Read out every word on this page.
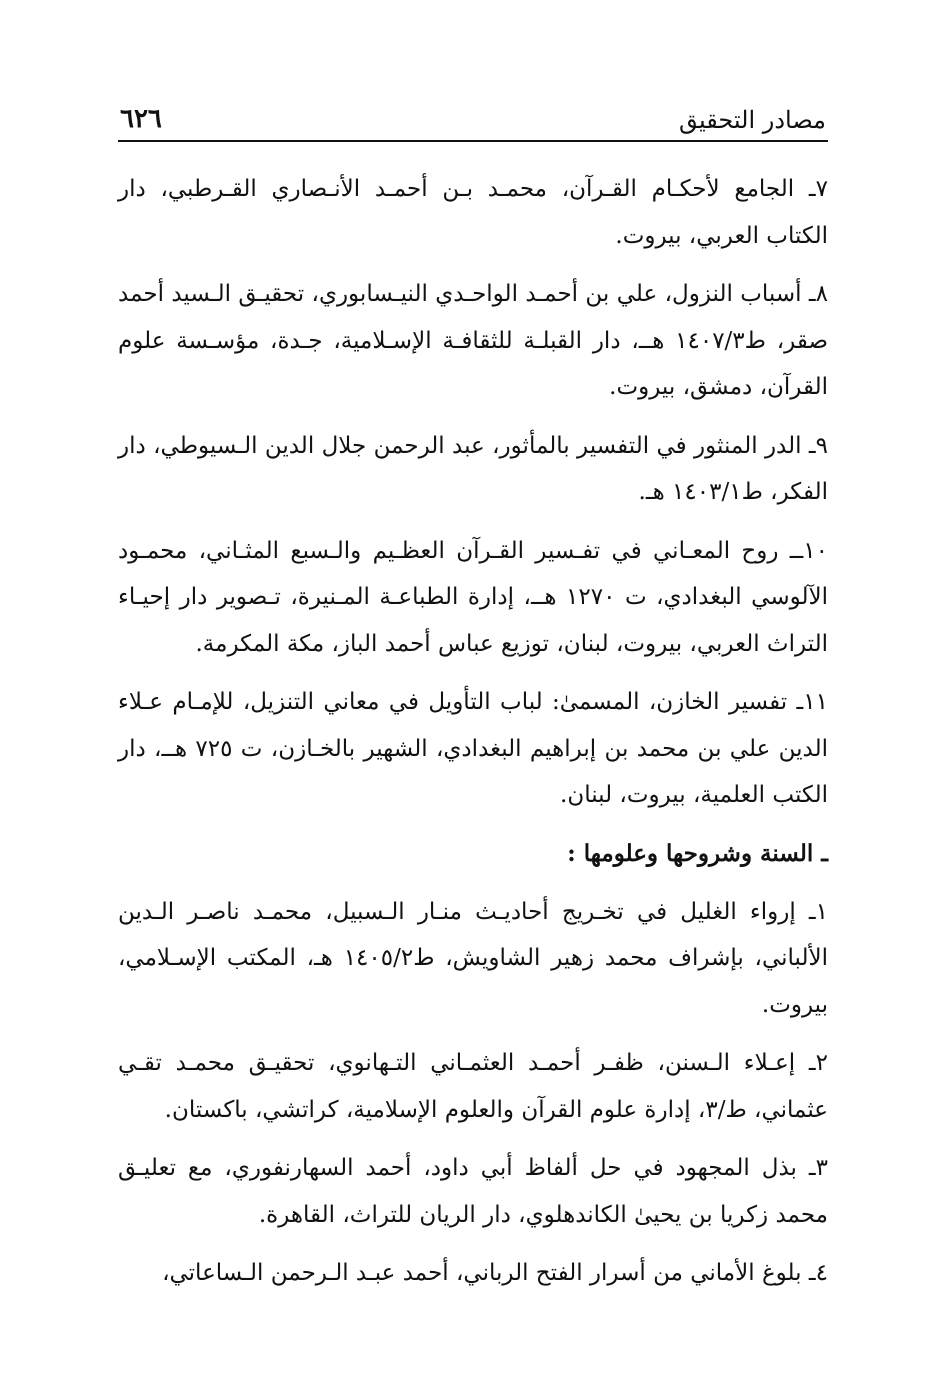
مصادر التحقيق
٦٢٦

٧ـ الجامع لأحكـام القـرآن، محمـد بـن أحمـد الأنـصاري القـرطبي، دار الكتاب العربي، بيروت.

٨ـ أسباب النزول، علي بن أحمـد الواحـدي النيـسابوري، تحقيـق الـسيد أحمد صقر، ط١٤٠٧/٣ هــ، دار القبلـة للثقافـة الإسـلامية، جـدة، مؤسـسة علوم القرآن، دمشق، بيروت.

٩ـ الدر المنثور في التفسير بالمأثور، عبد الرحمن جلال الدين الـسيوطي، دار الفكر، ط١٤٠٣/١ هـ.

١٠ــ روح المعـاني في تفـسير القـرآن العظـيم والـسبع المثـاني، محمـود الآلوسي البغدادي، ت ١٢٧٠ هــ، إدارة الطباعـة المـنيرة، تـصوير دار إحيـاء التراث العربي، بيروت، لبنان، توزيع عباس أحمد الباز، مكة المكرمة.

١١ـ تفسير الخازن، المسمىٰ: لباب التأويل في معاني التنزيل، للإمـام عـلاء الدين علي بن محمد بن إبراهيم البغدادي، الشهير بالخـازن، ت ٧٢٥ هــ، دار الكتب العلمية، بيروت، لبنان.

ـ السنة وشروحها وعلومها :

١ـ إرواء الغليل في تخـريج أحاديـث منـار الـسبيل، محمـد ناصـر الـدين الألباني، بإشراف محمد زهير الشاويش، ط١٤٠٥/٢ هـ، المكتب الإسـلامي، بيروت.

٢ـ إعـلاء الـسنن، ظفـر أحمـد العثمـاني التـهانوي، تحقيـق محمـد تقـي عثماني، ط/٣، إدارة علوم القرآن والعلوم الإسلامية، كراتشي، باكستان.

٣ـ بذل المجهود في حل ألفاظ أبي داود، أحمد السهارنفوري، مع تعليـق محمد زكريا بن يحيىٰ الكاندهلوي، دار الريان للتراث، القاهرة.

٤ـ بلوغ الأماني من أسرار الفتح الرباني، أحمد عبـد الـرحمن الـساعاتي،
